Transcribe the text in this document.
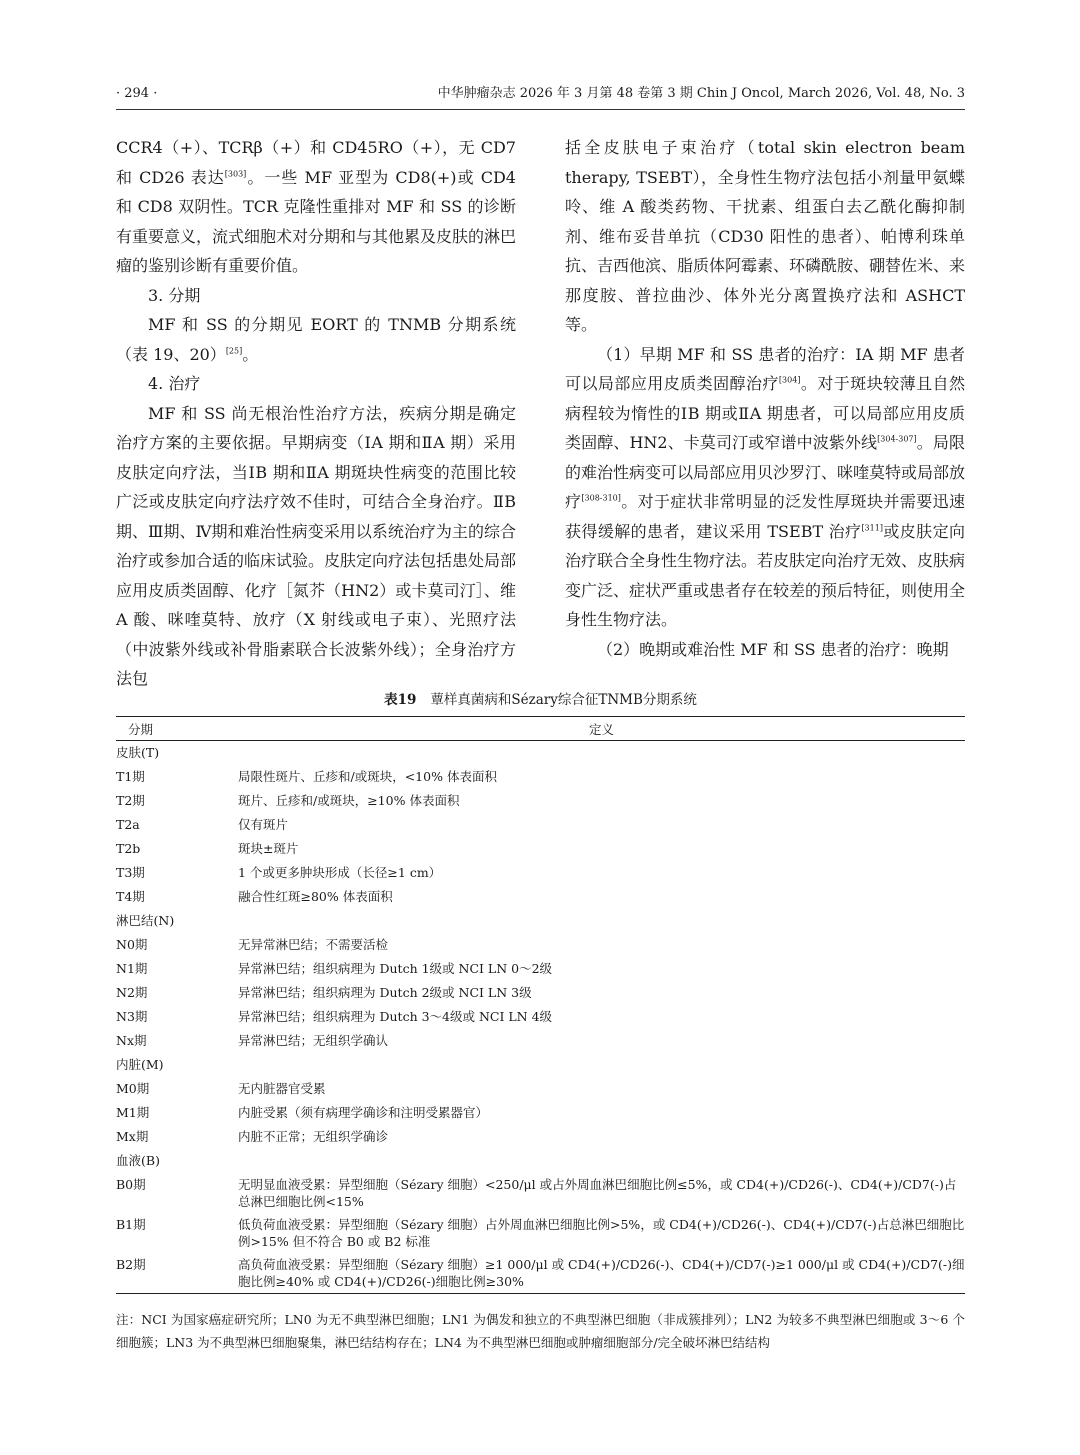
· 294 ·	中华肿瘤杂志 2026 年 3 月第 48 卷第 3 期 Chin J Oncol, March 2026, Vol. 48, No. 3

CCR4（+）、TCRβ（+）和 CD45RO（+），无 CD7 和 CD26 表达[303]。一些 MF 亚型为 CD8(+)或 CD4 和 CD8 双阴性。TCR 克隆性重排对 MF 和 SS 的诊断有重要意义，流式细胞术对分期和与其他累及皮肤的淋巴瘤的鉴别诊断有重要价值。

3. 分期

MF 和 SS 的分期见 EORT 的 TNMB 分期系统（表 19、20）[25]。

4. 治疗

MF 和 SS 尚无根治性治疗方法，疾病分期是确定治疗方案的主要依据。早期病变（ⅠA 期和ⅡA 期）采用皮肤定向疗法，当ⅠB 期和ⅡA 期斑块性病变的范围比较广泛或皮肤定向疗法疗效不佳时，可结合全身治疗。ⅡB 期、Ⅲ期、Ⅳ期和难治性病变采用以系统治疗为主的综合治疗或参加合适的临床试验。皮肤定向疗法包括患处局部应用皮质类固醇、化疗［氮芥（HN2）或卡莫司汀］、维 A 酸、咪喹莫特、放疗（X 射线或电子束）、光照疗法（中波紫外线或补骨脂素联合长波紫外线）；全身治疗方法包

括全皮肤电子束治疗（total skin electron beam therapy, TSEBT），全身性生物疗法包括小剂量甲氨蝶呤、维 A 酸类药物、干扰素、组蛋白去乙酰化酶抑制剂、维布妥昔单抗（CD30 阳性的患者）、帕博利珠单抗、吉西他滨、脂质体阿霉素、环磷酰胺、硼替佐米、来那度胺、普拉曲沙、体外光分离置换疗法和 ASHCT 等。

（1）早期 MF 和 SS 患者的治疗：ⅠA 期 MF 患者可以局部应用皮质类固醇治疗[304]。对于斑块较薄且自然病程较为惰性的ⅠB 期或ⅡA 期患者，可以局部应用皮质类固醇、HN2、卡莫司汀或窄谱中波紫外线[304-307]。局限的难治性病变可以局部应用贝沙罗汀、咪喹莫特或局部放疗[308-310]。对于症状非常明显的泛发性厚斑块并需要迅速获得缓解的患者，建议采用 TSEBT 治疗[311]或皮肤定向治疗联合全身性生物疗法。若皮肤定向治疗无效、皮肤病变广泛、症状严重或患者存在较差的预后特征，则使用全身性生物疗法。

（2）晚期或难治性 MF 和 SS 患者的治疗：晚期

表19 蕈样真菌病和Sézary综合征TNMB分期系统
分期	定义
皮肤(T)	
T1期	局限性斑片、丘疹和/或斑块，<10% 体表面积
T2期	斑片、丘疹和/或斑块，≥10% 体表面积
T2a	仅有斑片
T2b	斑块±斑片
T3期	1 个或更多肿块形成（长径≥1 cm）
T4期	融合性红斑≥80% 体表面积
淋巴结(N)	
N0期	无异常淋巴结；不需要活检
N1期	异常淋巴结；组织病理为 Dutch 1级或 NCI LN 0～2级
N2期	异常淋巴结；组织病理为 Dutch 2级或 NCI LN 3级
N3期	异常淋巴结；组织病理为 Dutch 3～4级或 NCI LN 4级
Nx期	异常淋巴结；无组织学确认
内脏(M)	
M0期	无内脏器官受累
M1期	内脏受累（须有病理学确诊和注明受累器官）
Mx期	内脏不正常；无组织学确诊
血液(B)	
B0期	无明显血液受累：异型细胞（Sézary 细胞）<250/μl 或占外周血淋巴细胞比例≤5%，或 CD4(+)/CD26(-)、CD4(+)/CD7(-)占总淋巴细胞比例<15%
B1期	低负荷血液受累：异型细胞（Sézary 细胞）占外周血淋巴细胞比例>5%，或 CD4(+)/CD26(-)、CD4(+)/CD7(-)占总淋巴细胞比例>15% 但不符合 B0 或 B2 标准
B2期	高负荷血液受累：异型细胞（Sézary 细胞）≥1 000/μl 或 CD4(+)/CD26(-)、CD4(+)/CD7(-)≥1 000/μl 或 CD4(+)/CD7(-)细胞比例≥40% 或 CD4(+)/CD26(-)细胞比例≥30%
注：NCI 为国家癌症研究所；LN0 为无不典型淋巴细胞；LN1 为偶发和独立的不典型淋巴细胞（非成簇排列）；LN2 为较多不典型淋巴细胞或 3～6 个细胞簇；LN3 为不典型淋巴细胞聚集，淋巴结结构存在；LN4 为不典型淋巴细胞或肿瘤细胞部分/完全破坏淋巴结结构
